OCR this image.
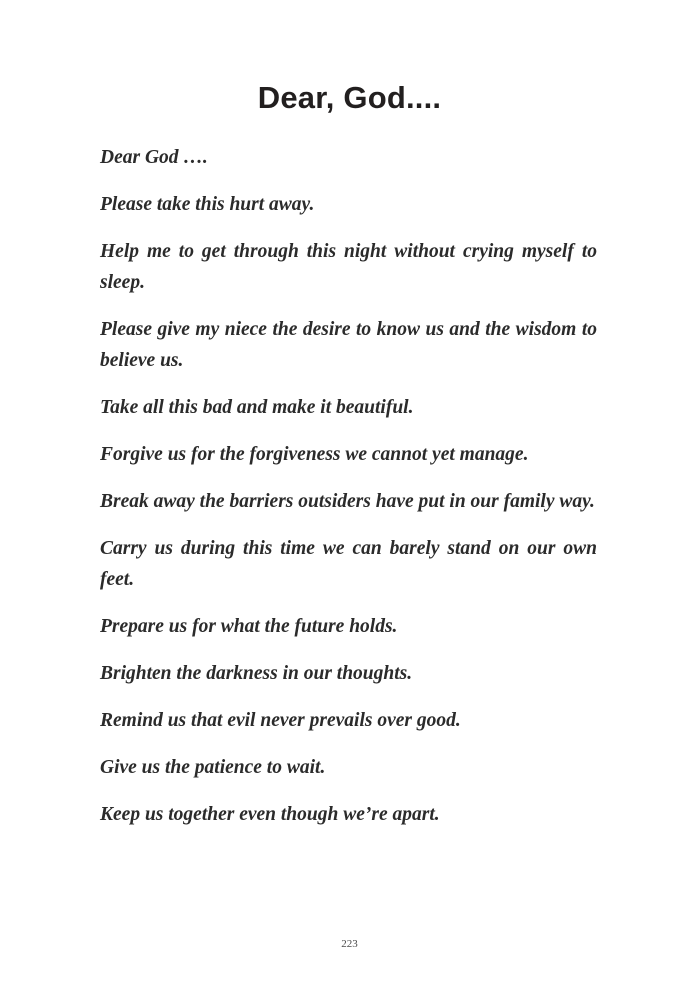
Dear, God....

Dear God ….

Please take this hurt away.

Help me to get through this night without crying myself to sleep.

Please give my niece the desire to know us and the wisdom to believe us.

Take all this bad and make it beautiful.

Forgive us for the forgiveness we cannot yet manage.

Break away the barriers outsiders have put in our family way.

Carry us during this time we can barely stand on our own feet.

Prepare us for what the future holds.

Brighten the darkness in our thoughts.

Remind us that evil never prevails over good.

Give us the patience to wait.

Keep us together even though we’re apart.

223
